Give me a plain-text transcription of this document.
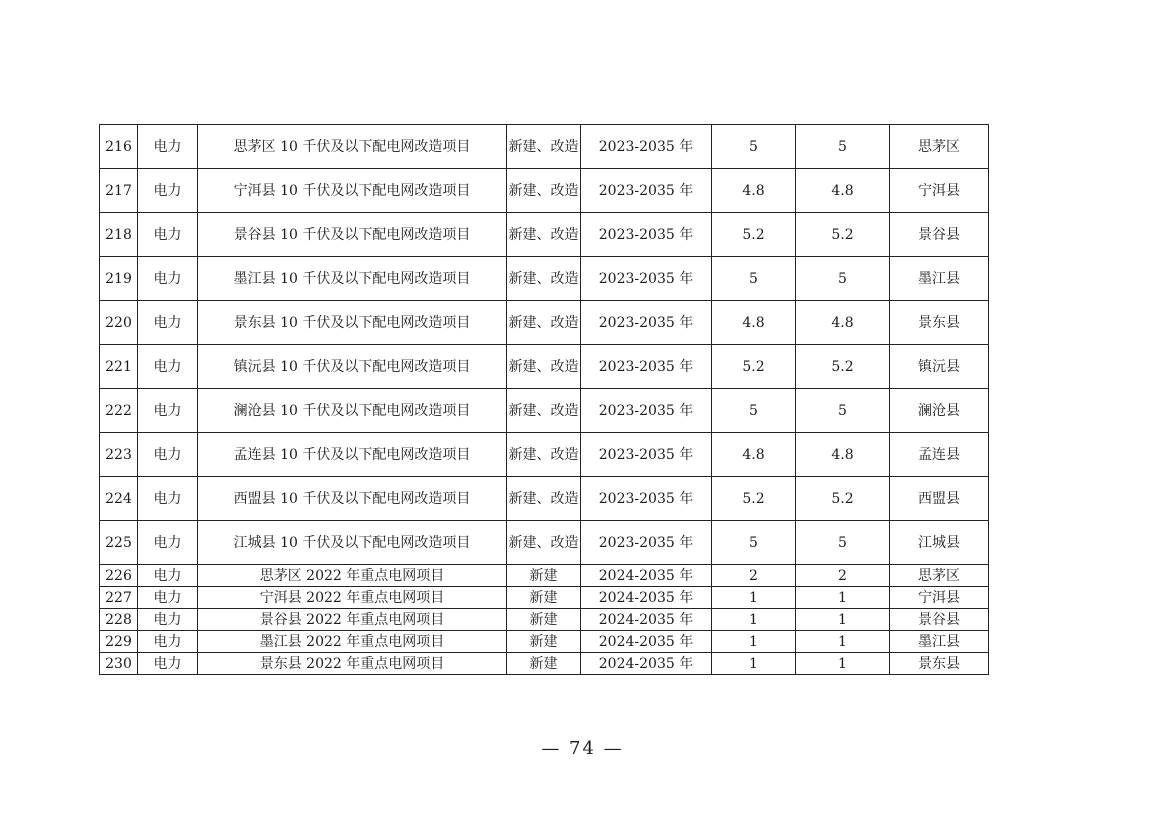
216	电力	思茅区 10 千伏及以下配电网改造项目	新建、改造	2023-2035 年	5	5	思茅区
217	电力	宁洱县 10 千伏及以下配电网改造项目	新建、改造	2023-2035 年	4.8	4.8	宁洱县
218	电力	景谷县 10 千伏及以下配电网改造项目	新建、改造	2023-2035 年	5.2	5.2	景谷县
219	电力	墨江县 10 千伏及以下配电网改造项目	新建、改造	2023-2035 年	5	5	墨江县
220	电力	景东县 10 千伏及以下配电网改造项目	新建、改造	2023-2035 年	4.8	4.8	景东县
221	电力	镇沅县 10 千伏及以下配电网改造项目	新建、改造	2023-2035 年	5.2	5.2	镇沅县
222	电力	澜沧县 10 千伏及以下配电网改造项目	新建、改造	2023-2035 年	5	5	澜沧县
223	电力	孟连县 10 千伏及以下配电网改造项目	新建、改造	2023-2035 年	4.8	4.8	孟连县
224	电力	西盟县 10 千伏及以下配电网改造项目	新建、改造	2023-2035 年	5.2	5.2	西盟县
225	电力	江城县 10 千伏及以下配电网改造项目	新建、改造	2023-2035 年	5	5	江城县
226	电力	思茅区 2022 年重点电网项目	新建	2024-2035 年	2	2	思茅区
227	电力	宁洱县 2022 年重点电网项目	新建	2024-2035 年	1	1	宁洱县
228	电力	景谷县 2022 年重点电网项目	新建	2024-2035 年	1	1	景谷县
229	电力	墨江县 2022 年重点电网项目	新建	2024-2035 年	1	1	墨江县
230	电力	景东县 2022 年重点电网项目	新建	2024-2035 年	1	1	景东县
— 74 —
